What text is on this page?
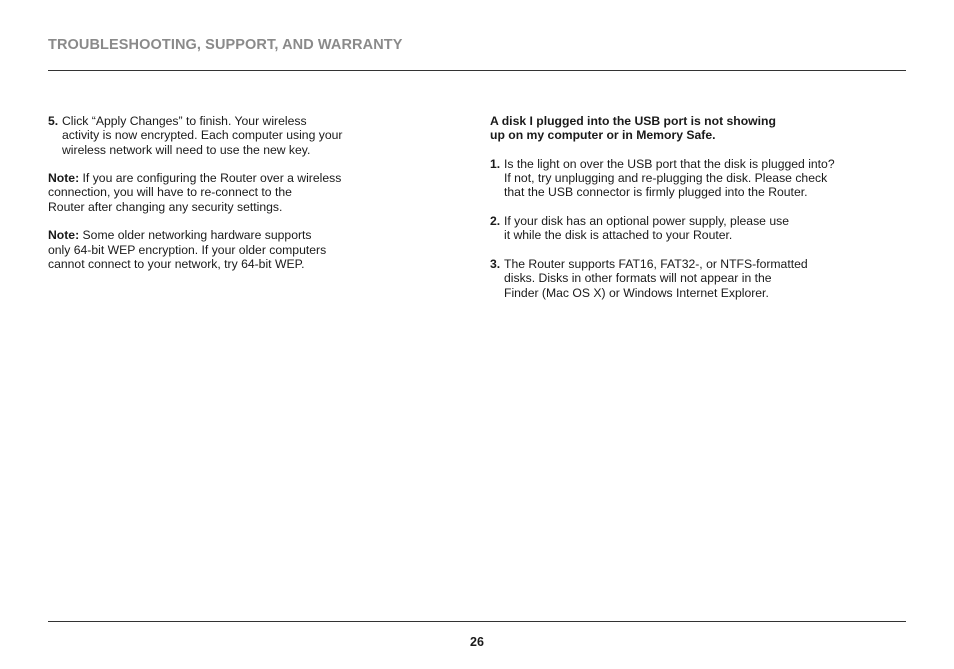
TROUBLESHOOTING, SUPPORT, AND WARRANTY
5. Click “Apply Changes” to finish. Your wireless
activity is now encrypted. Each computer using your
wireless network will need to use the new key.
Note: If you are configuring the Router over a wireless
connection, you will have to re-connect to the
Router after changing any security settings.
Note: Some older networking hardware supports
only 64-bit WEP encryption. If your older computers
cannot connect to your network, try 64-bit WEP.
A disk I plugged into the USB port is not showing
up on my computer or in Memory Safe.
1. Is the light on over the USB port that the disk is plugged into?
If not, try unplugging and re-plugging the disk. Please check
that the USB connector is firmly plugged into the Router.
2. If your disk has an optional power supply, please use
it while the disk is attached to your Router.
3. The Router supports FAT16, FAT32-, or NTFS-formatted
disks. Disks in other formats will not appear in the
Finder (Mac OS X) or Windows Internet Explorer.
26
